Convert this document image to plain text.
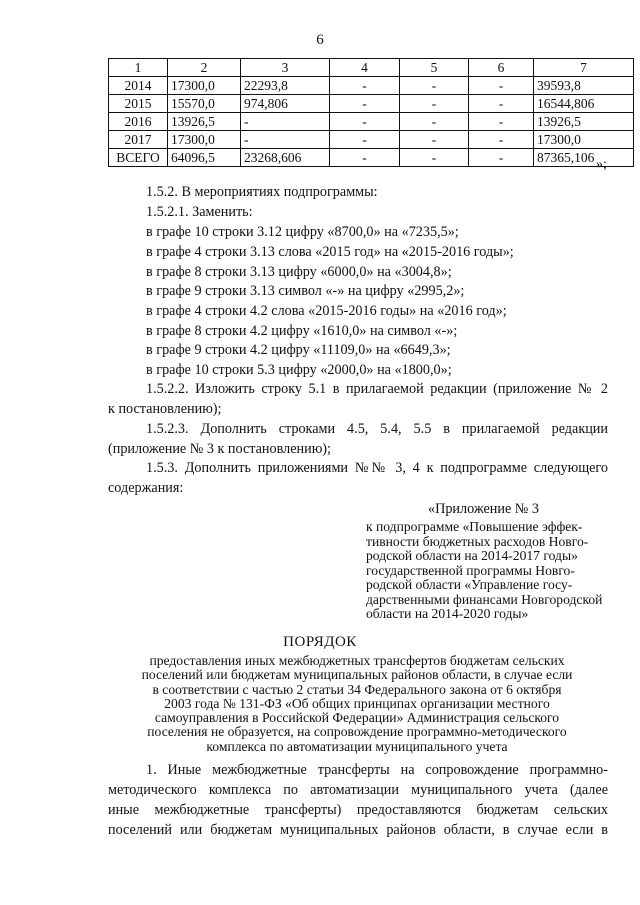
6
1	2	3	4	5	6	7
2014	17300,0	22293,8	-	-	-	39593,8
2015	15570,0	974,806	-	-	-	16544,806
2016	13926,5	-	-	-	-	13926,5
2017	17300,0	-	-	-	-	17300,0
ВСЕГО	64096,5	23268,606	-	-	-	87365,106 »;
1.5.2. В мероприятиях подпрограммы:
1.5.2.1. Заменить:
в графе 10 строки 3.12 цифру «8700,0» на «7235,5»;
в графе 4 строки 3.13 слова «2015 год» на «2015-2016 годы»;
в графе 8 строки 3.13 цифру «6000,0» на «3004,8»;
в графе 9 строки 3.13 символ «-» на цифру «2995,2»;
в графе 4 строки 4.2 слова «2015-2016 годы» на «2016 год»;
в графе 8 строки 4.2 цифру «1610,0» на символ «-»;
в графе 9 строки 4.2 цифру «11109,0» на «6649,3»;
в графе 10 строки 5.3 цифру «2000,0» на «1800,0»;
1.5.2.2. Изложить строку 5.1 в прилагаемой редакции (приложение № 2
к постановлению);
1.5.2.3. Дополнить строками 4.5, 5.4, 5.5 в прилагаемой редакции
(приложение № 3 к постановлению);
1.5.3. Дополнить приложениями №№ 3, 4 к подпрограмме следующего
содержания:
«Приложение № 3
к подпрограмме «Повышение эффек-
тивности бюджетных расходов Новго-
родской области на 2014-2017 годы»
государственной программы Новго-
родской области «Управление госу-
дарственными финансами Новгородской
области на 2014-2020 годы»
ПОРЯДОК
предоставления иных межбюджетных трансфертов бюджетам сельских
поселений или бюджетам муниципальных районов области, в случае если
в соответствии с частью 2 статьи 34 Федерального закона от 6 октября
2003 года № 131-ФЗ «Об общих принципах организации местного
самоуправления в Российской Федерации» Администрация сельского
поселения не образуется, на сопровождение программно-методического
комплекса по автоматизации муниципального учета
1. Иные межбюджетные трансферты на сопровождение программно-
методического комплекса по автоматизации муниципального учета (далее
иные межбюджетные трансферты) предоставляются бюджетам сельских
поселений или бюджетам муниципальных районов области, в случае если в
